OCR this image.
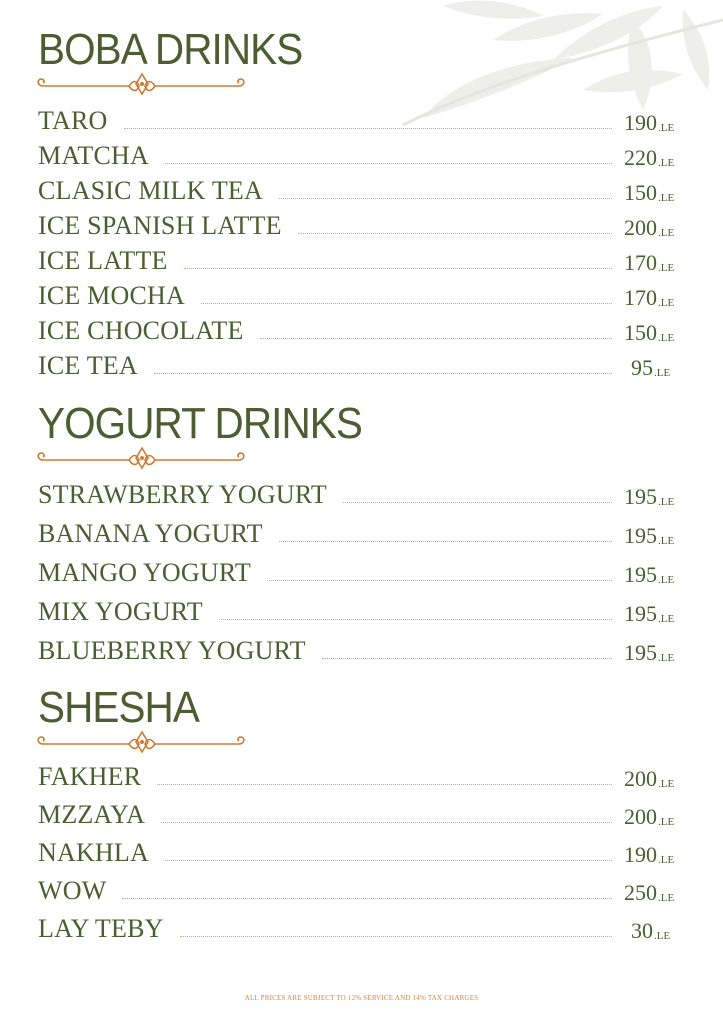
BOBA DRINKS
TARO	190 .LE
MATCHA	220 .LE
CLASIC MILK TEA	150 .LE
ICE SPANISH LATTE	200 .LE
ICE LATTE	170 .LE
ICE MOCHA	170 .LE
ICE CHOCOLATE	150 .LE
ICE TEA	95 .LE
YOGURT DRINKS
STRAWBERRY YOGURT	195 .LE
BANANA YOGURT	195 .LE
MANGO YOGURT	195 .LE
MIX YOGURT	195 .LE
BLUEBERRY YOGURT	195 .LE
SHESHA
FAKHER	200 .LE
MZZAYA	200 .LE
NAKHLA	190 .LE
WOW	250 .LE
LAY TEBY	30 .LE
ALL PRICES ARE SUBJECT TO 12% SERVICE AND 14% TAX CHARGES
